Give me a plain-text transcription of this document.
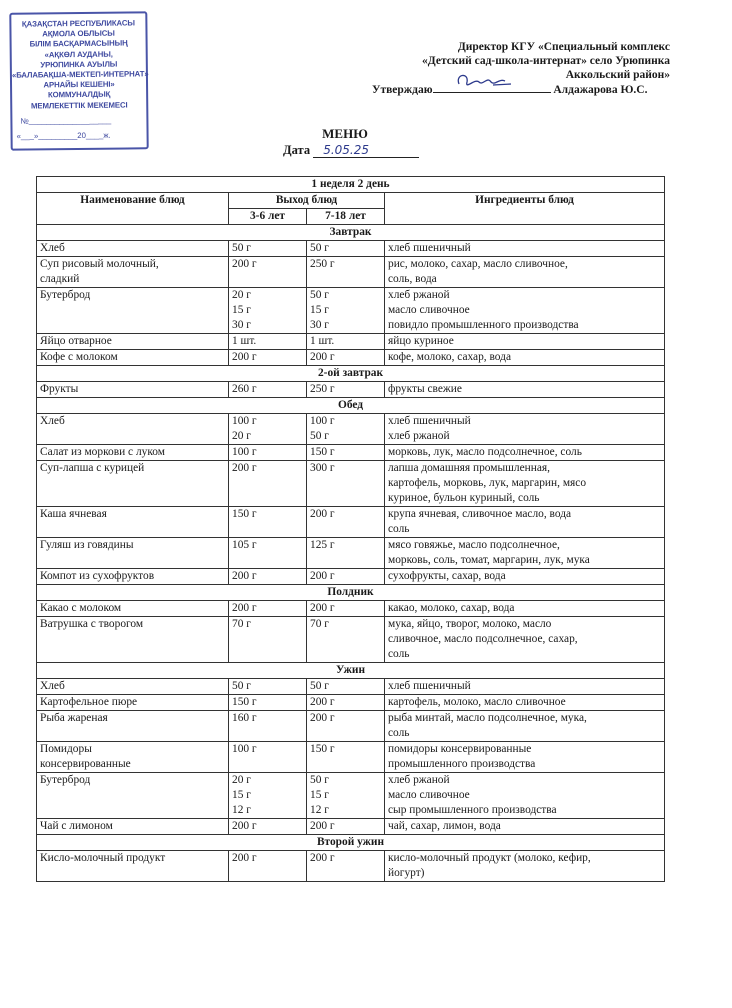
ҚАЗАҚСТАН РЕСПУБЛИКАСЫ
АҚМОЛА ОБЛЫСЫ
БІЛІМ БАСҚАРМАСЫНЫҢ
«АҚКӨЛ АУДАНЫ,
УРЮПИНКА АУЫЛЫ
«БАЛАБАҚША-МЕКТЕП-ИНТЕРНАТ»
АРНАЙЫ КЕШЕНІ»
КОММУНАЛДЫҚ
МЕМЛЕКЕТТІК МЕКЕМЕСІ
№___________________
«___»_________20____ж.
Директор КГУ «Специальный комплекс
«Детский сад-школа-интернат» село Урюпинка
Аккольский район»
Утверждаю	Алдажарова Ю.С.
МЕНЮ
Дата 5.05.25
1 неделя 2 день			
Наименование блюд	Выход блюд		Ингредиенты блюд
	3-6 лет	7-18 лет	
Завтрак			

Хлеб	50 г	50 г	хлеб пшеничный

Суп рисовый молочный,
сладкий	200 г	250 г	рис, молоко, сахар, масло сливочное,
соль, вода

Бутерброд	20 г
15 г
30 г	50 г
15 г
30 г	хлеб ржаной
масло сливочное
повидло промышленного производства

Яйцо отварное	1 шт.	1 шт.	яйцо куриное

Кофе с молоком	200 г	200 г	кофе, молоко, сахар, вода

2-ой завтрак			

Фрукты	260 г	250 г	фрукты свежие

Обед			

Хлеб	100 г
20 г	100 г
50 г	хлеб пшеничный
хлеб ржаной

Салат из моркови с луком	100 г	150 г	морковь, лук, масло подсолнечное, соль

Суп-лапша с курицей	200 г	300 г	лапша домашняя промышленная,
картофель, морковь, лук, маргарин, мясо
куриное, бульон куриный, соль

Каша ячневая	150 г	200 г	крупа ячневая, сливочное масло, вода
соль

Гуляш из говядины	105 г	125 г	мясо говяжье, масло подсолнечное,
морковь, соль, томат, маргарин, лук, мука

Компот из сухофруктов	200 г	200 г	сухофрукты, сахар, вода

Полдник			

Какао с молоком	200 г	200 г	какао, молоко, сахар, вода

Ватрушка с творогом	70 г	70 г	мука, яйцо, творог, молоко, масло
сливочное, масло подсолнечное, сахар,
соль

Ужин			

Хлеб	50 г	50 г	хлеб пшеничный

Картофельное пюре	150 г	200 г	картофель, молоко, масло сливочное

Рыба жареная	160 г	200 г	рыба минтай, масло подсолнечное, мука,
соль

Помидоры
консервированные	100 г	150 г	помидоры консервированные
промышленного производства

Бутерброд	20 г
15 г
12 г	50 г
15 г
12 г	хлеб ржаной
масло сливочное
сыр промышленного производства

Чай с лимоном	200 г	200 г	чай, сахар, лимон, вода

Второй ужин			

Кисло-молочный продукт	200 г	200 г	кисло-молочный продукт (молоко, кефир,
йогурт)
